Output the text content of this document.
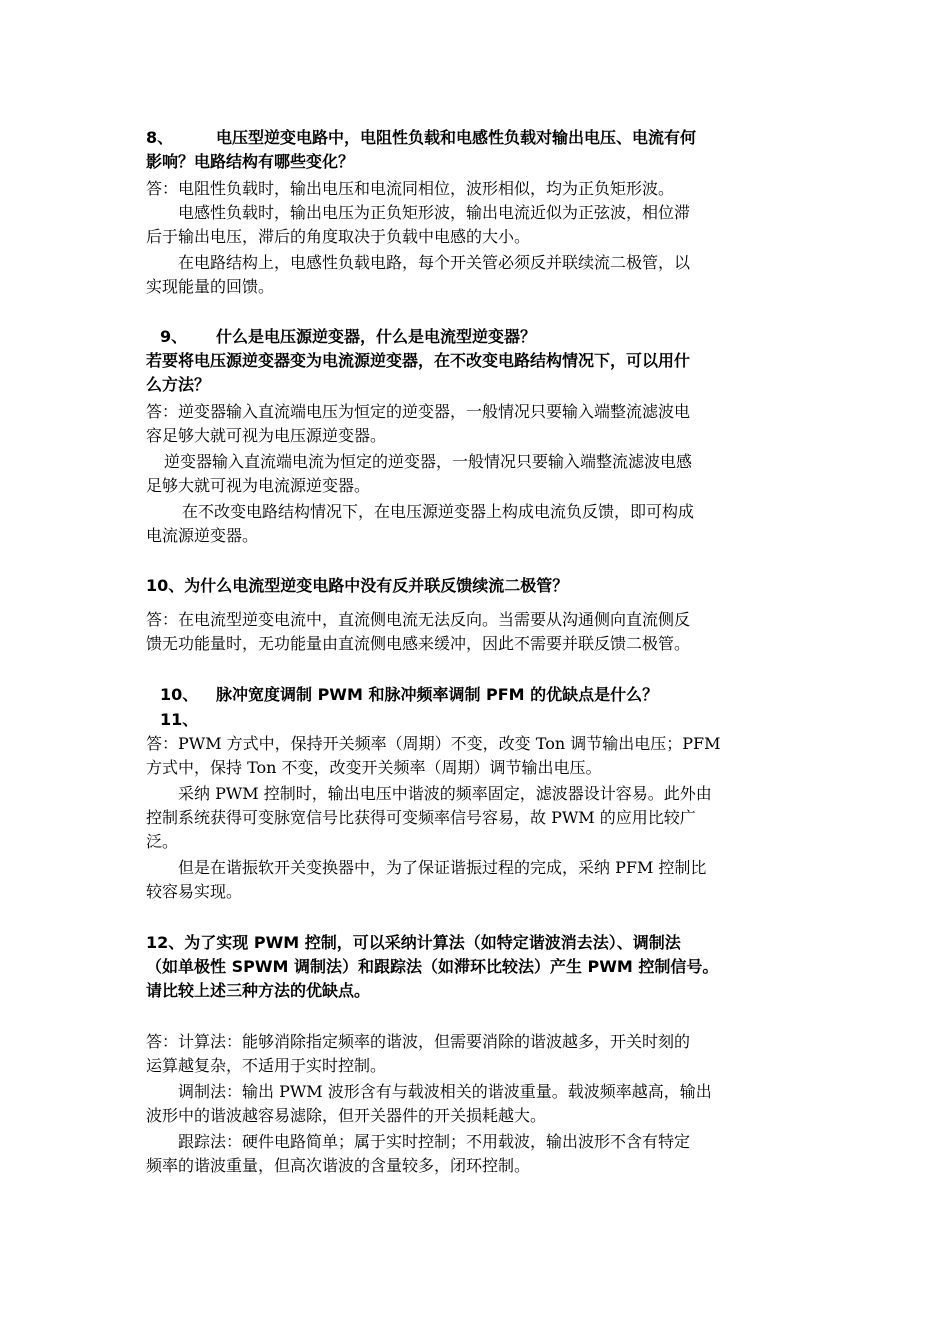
8、	电压型逆变电路中，电阻性负载和电感性负载对输出电压、电流有何
影响？电路结构有哪些变化？
答：电阻性负载时，输出电压和电流同相位，波形相似，均为正负矩形波。
电感性负载时，输出电压为正负矩形波，输出电流近似为正弦波，相位滞
后于输出电压，滞后的角度取决于负载中电感的大小。
在电路结构上，电感性负载电路，每个开关管必须反并联续流二极管，以
实现能量的回馈。
9、 什么是电压源逆变器，什么是电流型逆变器？
若要将电压源逆变器变为电流源逆变器，在不改变电路结构情况下，可以用什
么方法？
答：逆变器输入直流端电压为恒定的逆变器，一般情况只要输入端整流滤波电
容足够大就可视为电压源逆变器。
逆变器输入直流端电流为恒定的逆变器，一般情况只要输入端整流滤波电感
足够大就可视为电流源逆变器。
在不改变电路结构情况下，在电压源逆变器上构成电流负反馈，即可构成
电流源逆变器。
10、为什么电流型逆变电路中没有反并联反馈续流二极管？
答：在电流型逆变电流中，直流侧电流无法反向。当需要从沟通侧向直流侧反
馈无功能量时，无功能量由直流侧电感来缓冲，因此不需要并联反馈二极管。
10、 脉冲宽度调制 PWM 和脉冲频率调制 PFM 的优缺点是什么？
11、
答：PWM 方式中，保持开关频率（周期）不变，改变 Ton 调节输出电压；PFM
方式中，保持 Ton 不变，改变开关频率（周期）调节输出电压。
采纳 PWM 控制时，输出电压中谐波的频率固定，滤波器设计容易。此外由
控制系统获得可变脉宽信号比获得可变频率信号容易，故 PWM 的应用比较广
泛。
但是在谐振软开关变换器中，为了保证谐振过程的完成，采纳 PFM 控制比
较容易实现。
12、为了实现 PWM 控制，可以采纳计算法（如特定谐波消去法）、调制法
（如单极性 SPWM 调制法）和跟踪法（如滞环比较法）产生 PWM 控制信号。
请比较上述三种方法的优缺点。
答：计算法：能够消除指定频率的谐波，但需要消除的谐波越多，开关时刻的
运算越复杂，不适用于实时控制。
调制法：输出 PWM 波形含有与载波相关的谐波重量。载波频率越高，输出
波形中的谐波越容易滤除，但开关器件的开关损耗越大。
跟踪法：硬件电路简单；属于实时控制；不用载波，输出波形不含有特定
频率的谐波重量，但高次谐波的含量较多，闭环控制。
